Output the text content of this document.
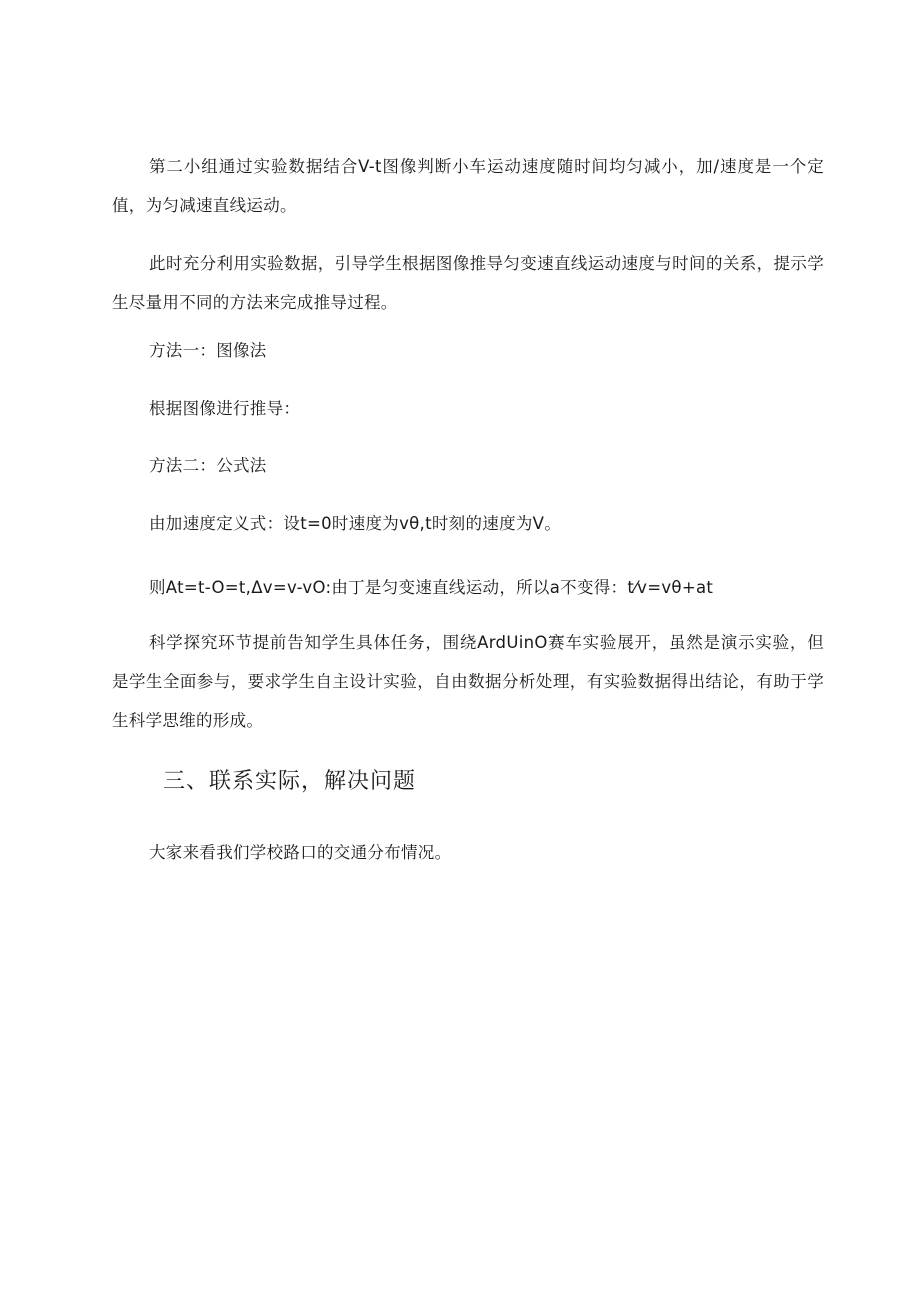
第二小组通过实验数据结合V-t图像判断小车运动速度随时间均匀减小，加/速度是一个定值，为匀减速直线运动。

此时充分利用实验数据，引导学生根据图像推导匀变速直线运动速度与时间的关系，提示学生尽量用不同的方法来完成推导过程。

方法一：图像法

根据图像进行推导：

方法二：公式法

由加速度定义式：设t=0时速度为vθ,t时刻的速度为V。

则At=t-O=t,Δv=v-vO:由丁是匀变速直线运动，所以a不变得：t⁄v=vθ+at

科学探究环节提前告知学生具体任务，围绕ArdUinO赛车实验展开，虽然是演示实验，但是学生全面参与，要求学生自主设计实验，自由数据分析处理，有实验数据得出结论，有助于学生科学思维的形成。

三、联系实际，解决问题

大家来看我们学校路口的交通分布情况。
